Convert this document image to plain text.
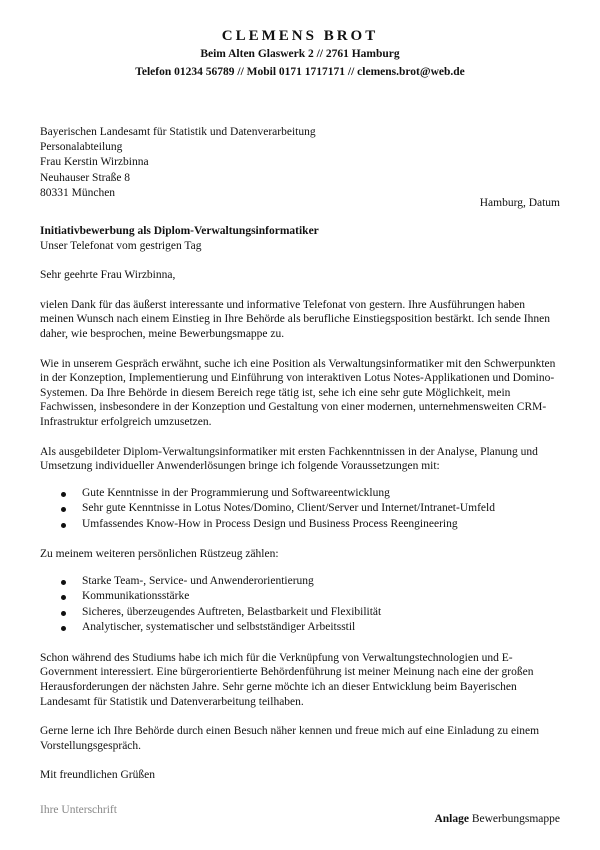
CLEMENS BROT
Beim Alten Glaswerk 2 // 2761 Hamburg
Telefon 01234 56789 // Mobil 0171 1717171 // clemens.brot@web.de
Bayerischen Landesamt für Statistik und Datenverarbeitung
Personalabteilung
Frau Kerstin Wirzbinna
Neuhauser Straße 8
80331 München
Hamburg, Datum
Initiativbewerbung als Diplom-Verwaltungsinformatiker
Unser Telefonat vom gestrigen Tag
Sehr geehrte Frau Wirzbinna,
vielen Dank für das äußerst interessante und informative Telefonat von gestern. Ihre Ausführungen haben meinen Wunsch nach einem Einstieg in Ihre Behörde als berufliche Einstiegsposition bestärkt. Ich sende Ihnen daher, wie besprochen, meine Bewerbungsmappe zu.
Wie in unserem Gespräch erwähnt, suche ich eine Position als Verwaltungsinformatiker mit den Schwerpunkten in der Konzeption, Implementierung und Einführung von interaktiven Lotus Notes-Applikationen und Domino-Systemen. Da Ihre Behörde in diesem Bereich rege tätig ist, sehe ich eine sehr gute Möglichkeit, mein Fachwissen, insbesondere in der Konzeption und Gestaltung von einer modernen, unternehmensweiten CRM-Infrastruktur erfolgreich umzusetzen.
Als ausgebildeter Diplom-Verwaltungsinformatiker mit ersten Fachkenntnissen in der Analyse, Planung und Umsetzung individueller Anwenderlösungen bringe ich folgende Voraussetzungen mit:
Gute Kenntnisse in der Programmierung und Softwareentwicklung
Sehr gute Kenntnisse in Lotus Notes/Domino, Client/Server und Internet/Intranet-Umfeld
Umfassendes Know-How in Process Design und Business Process Reengineering
Zu meinem weiteren persönlichen Rüstzeug zählen:
Starke Team-, Service- und Anwenderorientierung
Kommunikationsstärke
Sicheres, überzeugendes Auftreten, Belastbarkeit und Flexibilität
Analytischer, systematischer und selbstständiger Arbeitsstil
Schon während des Studiums habe ich mich für die Verknüpfung von Verwaltungstechnologien und E-Government interessiert. Eine bürgerorientierte Behördenführung ist meiner Meinung nach eine der großen Herausforderungen der nächsten Jahre. Sehr gerne möchte ich an dieser Entwicklung beim Bayerischen Landesamt für Statistik und Datenverarbeitung teilhaben.
Gerne lerne ich Ihre Behörde durch einen Besuch näher kennen und freue mich auf eine Einladung zu einem Vorstellungsgespräch.
Mit freundlichen Grüßen
Ihre Unterschrift
Anlage Bewerbungsmappe
